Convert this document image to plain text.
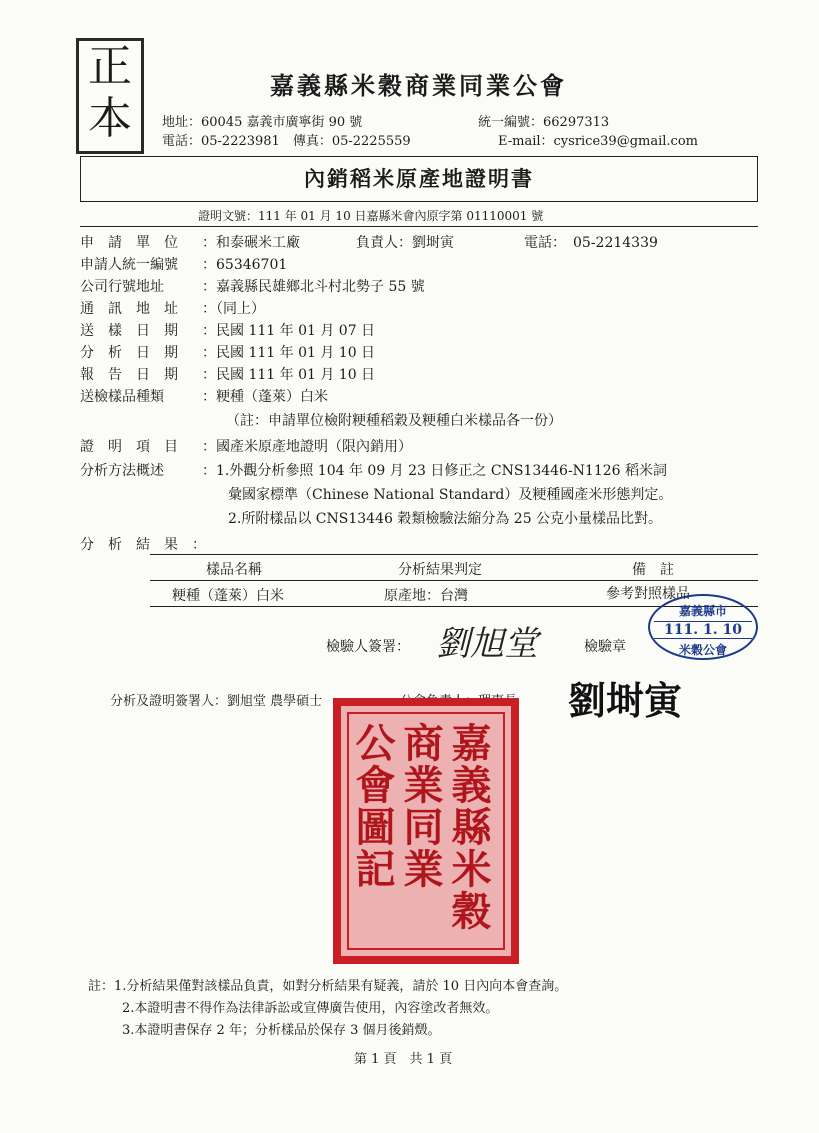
正本
嘉義縣米穀商業同業公會
地址：60045 嘉義市廣寧街 90 號
電話：05-2223981　傳真：05-2225559
統一編號：66297313
E-mail：cysrice39@gmail.com
內銷稻米原產地證明書
證明文號：111 年 01 月 10 日嘉縣米會內原字第 01110001 號
申　請　單　位 ：和泰碾米工廠	負責人：劉埘寅	電話：　05-2214339
申請人統一編號 ：65346701
公司行號地址	：嘉義縣民雄鄉北斗村北勢子 55 號
通　訊　地　址 ：（同上）
送　樣　日　期 ：民國 111 年 01 月 07 日
分　析　日　期 ：民國 111 年 01 月 10 日
報　告　日　期 ：民國 111 年 01 月 10 日
送檢樣品種類	：粳種（蓬萊）白米
（註：申請單位檢附粳種稻穀及粳種白米樣品各一份）
證　明　項　目 ：國產米原產地證明（限內銷用）
分析方法概述	：1.外觀分析參照 104 年 09 月 23 日修正之 CNS13446-N1126 稻米詞
彙國家標準（Chinese National Standard）及粳種國產米形態判定。
2.所附樣品以 CNS13446 穀類檢驗法縮分為 25 公克小量樣品比對。
分　析　結　果　：
樣品名稱	分析結果判定	備　註
粳種（蓬萊）白米	原產地：台灣	參考對照樣品
嘉義縣市
111. 1. 10
米穀公會
檢驗人簽署： 劉旭堂	檢驗章
分析及證明簽署人：劉旭堂 農學碩士	公會負責人：理事長 劉埘寅
嘉義縣米穀
商業同業
公會圖記
註：1.分析結果僅對該樣品負責，如對分析結果有疑義，請於 10 日內向本會查詢。
2.本證明書不得作為法律訴訟或宣傳廣告使用，內容塗改者無效。
3.本證明書保存 2 年；分析樣品於保存 3 個月後銷燬。
第 1 頁　共 1 頁
